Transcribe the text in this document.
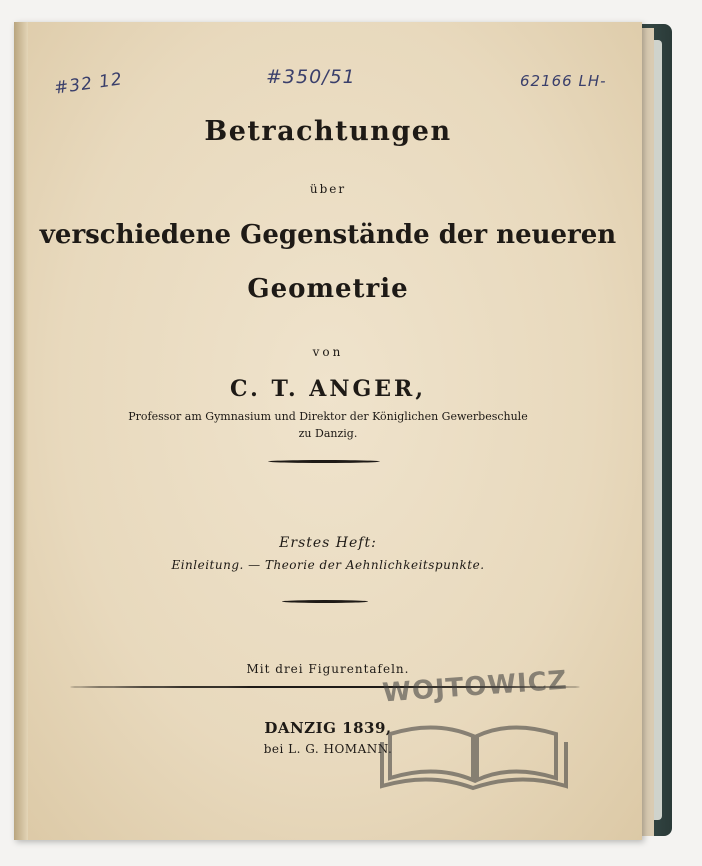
#32 12	#350/51	62166 LH-
Betrachtungen
über
verschiedene Gegenstände der neueren
Geometrie
von
C. T. ANGER,
Professor am Gymnasium und Direktor der Königlichen Gewerbeschule
zu Danzig.
Erstes Heft:
Einleitung. — Theorie der Aehnlichkeitspunkte.
Mit drei Figurentafeln.
DANZIG 1839,
bei L. G. HOMANN.
WOJTOWICZ
